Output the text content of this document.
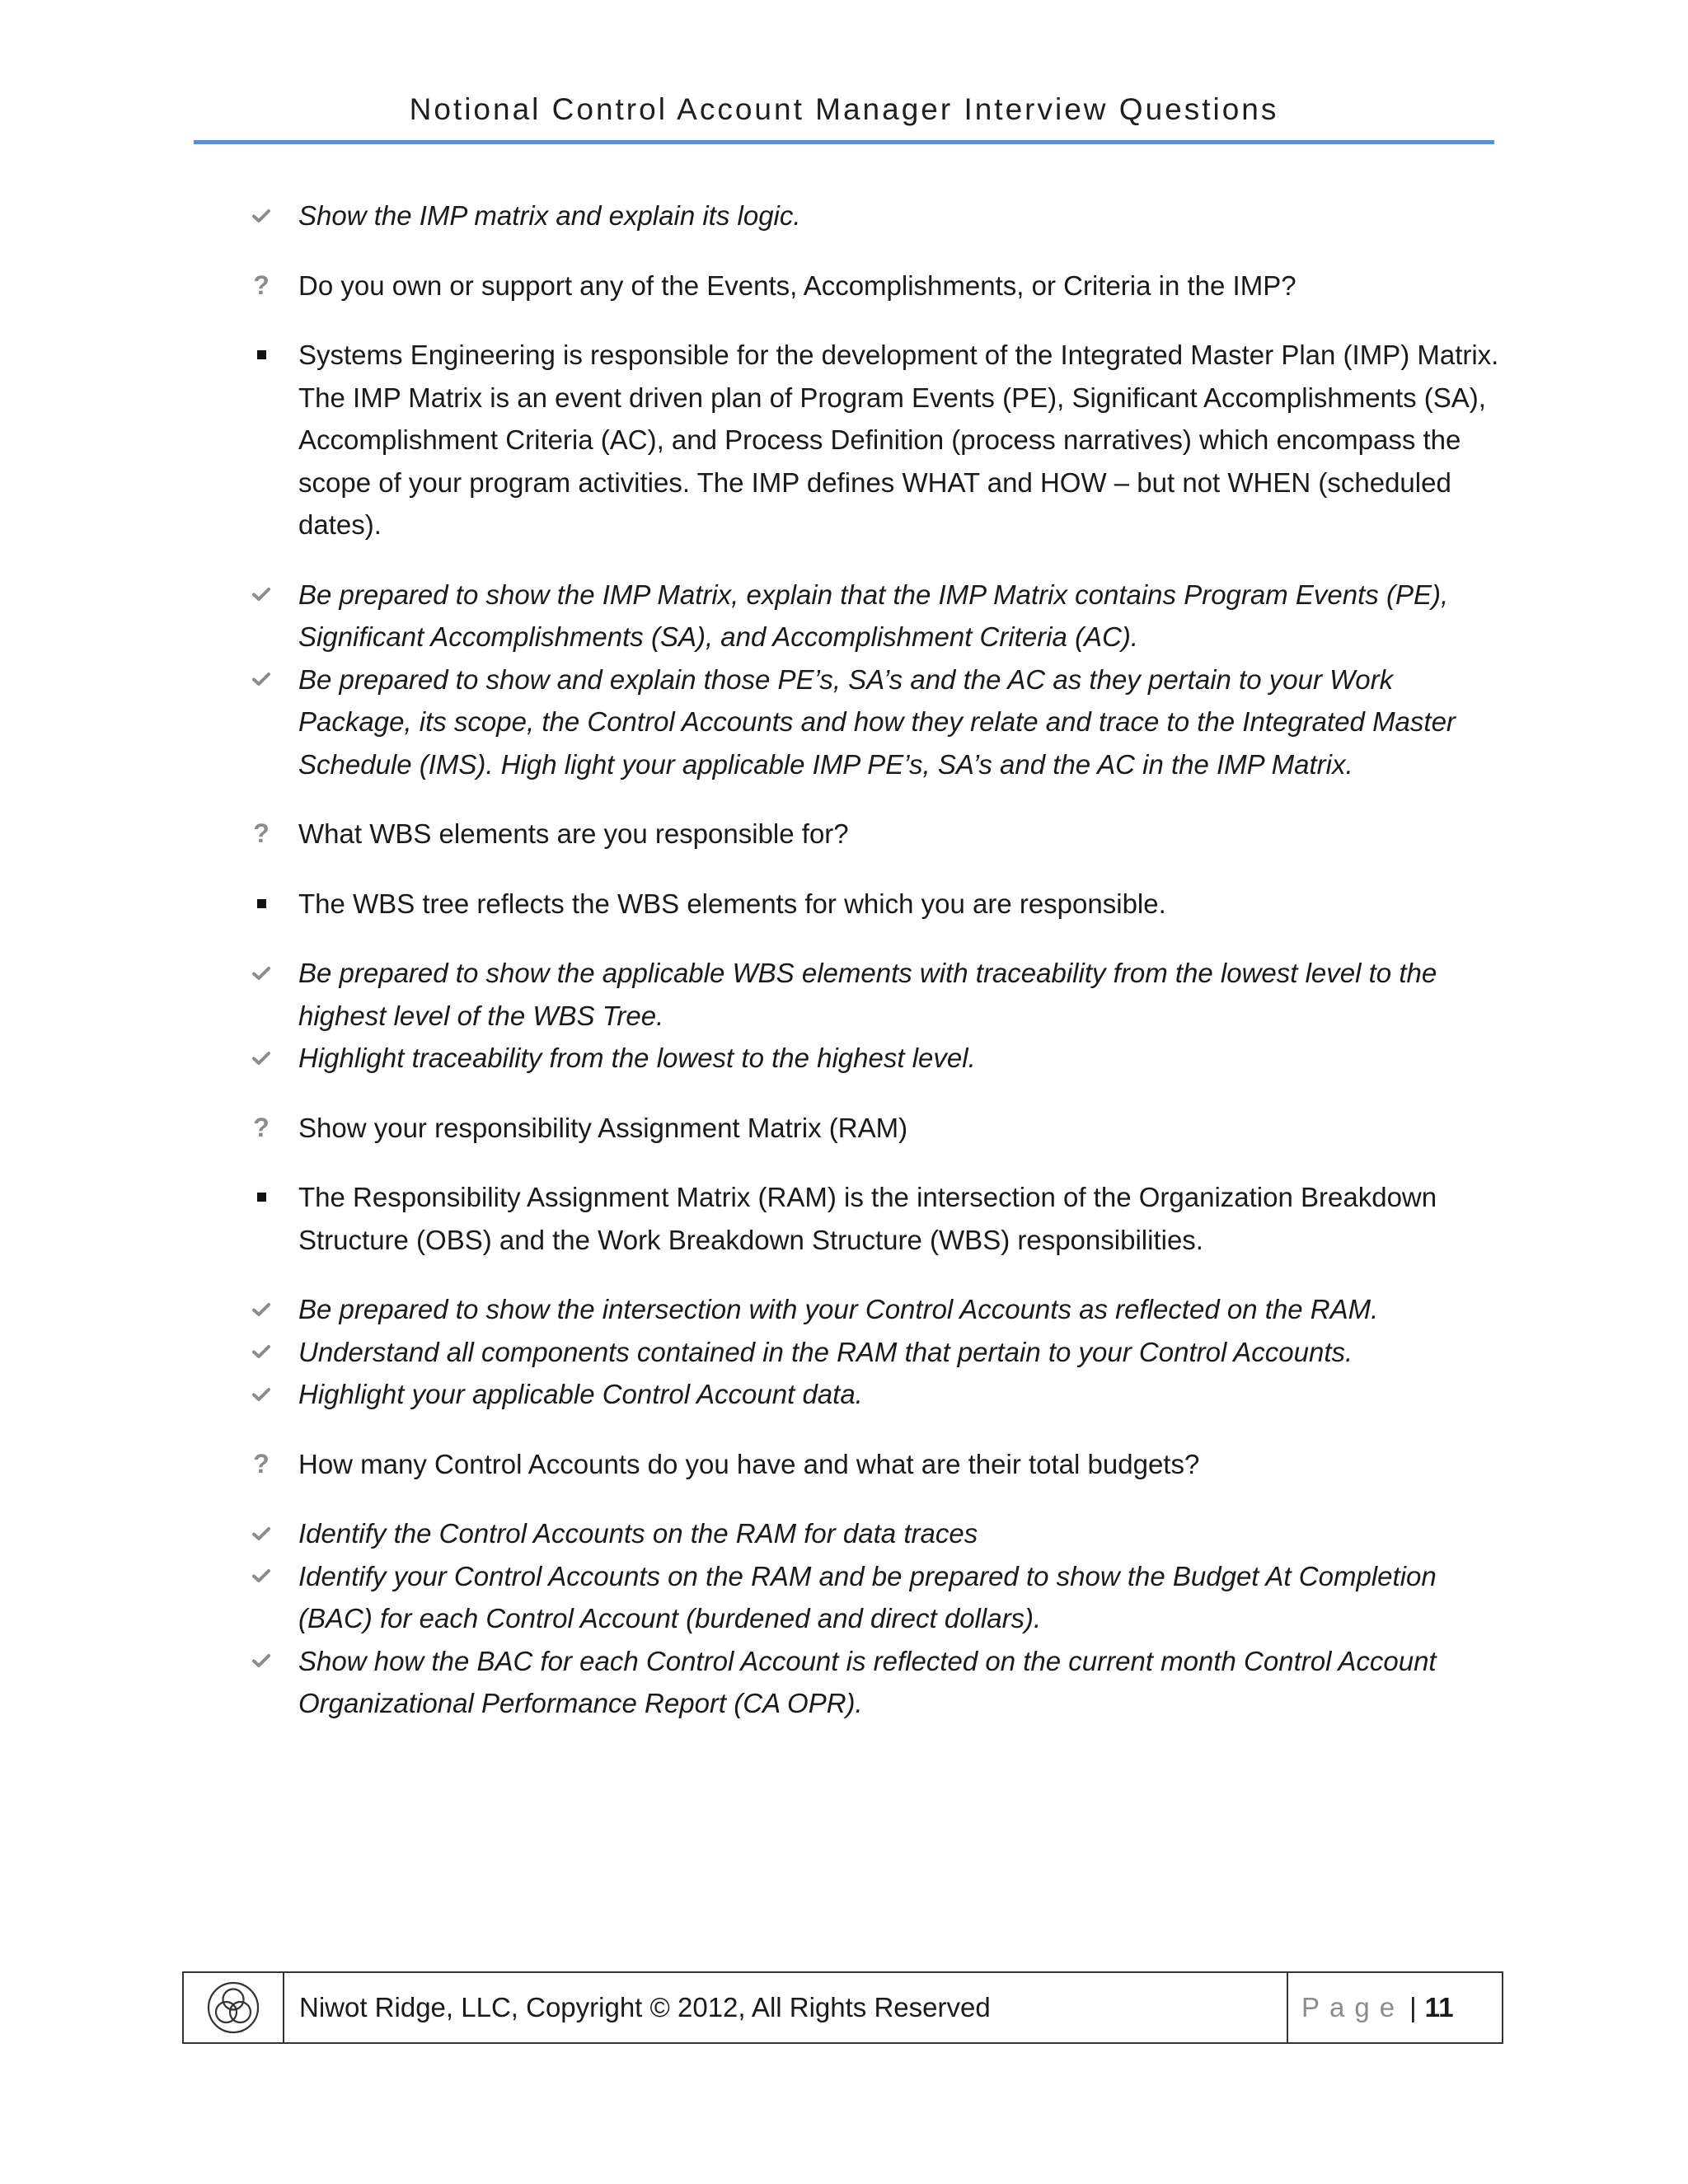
Notional Control Account Manager Interview Questions
Show the IMP matrix and explain its logic.
? Do you own or support any of the Events, Accomplishments, or Criteria in the IMP?
Systems Engineering is responsible for the development of the Integrated Master Plan (IMP) Matrix. The IMP Matrix is an event driven plan of Program Events (PE), Significant Accomplishments (SA), Accomplishment Criteria (AC), and Process Definition (process narratives) which encompass the scope of your program activities. The IMP defines WHAT and HOW – but not WHEN (scheduled dates).
Be prepared to show the IMP Matrix, explain that the IMP Matrix contains Program Events (PE), Significant Accomplishments (SA), and Accomplishment Criteria (AC).
Be prepared to show and explain those PE’s, SA’s and the AC as they pertain to your Work Package, its scope, the Control Accounts and how they relate and trace to the Integrated Master Schedule (IMS). High light your applicable IMP PE’s, SA’s and the AC in the IMP Matrix.
? What WBS elements are you responsible for?
The WBS tree reflects the WBS elements for which you are responsible.
Be prepared to show the applicable WBS elements with traceability from the lowest level to the highest level of the WBS Tree.
Highlight traceability from the lowest to the highest level.
? Show your responsibility Assignment Matrix (RAM)
The Responsibility Assignment Matrix (RAM) is the intersection of the Organization Breakdown Structure (OBS) and the Work Breakdown Structure (WBS) responsibilities.
Be prepared to show the intersection with your Control Accounts as reflected on the RAM.
Understand all components contained in the RAM that pertain to your Control Accounts.
Highlight your applicable Control Account data.
? How many Control Accounts do you have and what are their total budgets?
Identify the Control Accounts on the RAM for data traces
Identify your Control Accounts on the RAM and be prepared to show the Budget At Completion (BAC) for each Control Account (burdened and direct dollars).
Show how the BAC for each Control Account is reflected on the current month Control Account Organizational Performance Report (CA OPR).
Niwot Ridge, LLC, Copyright © 2012, All Rights Reserved	Page | 11
